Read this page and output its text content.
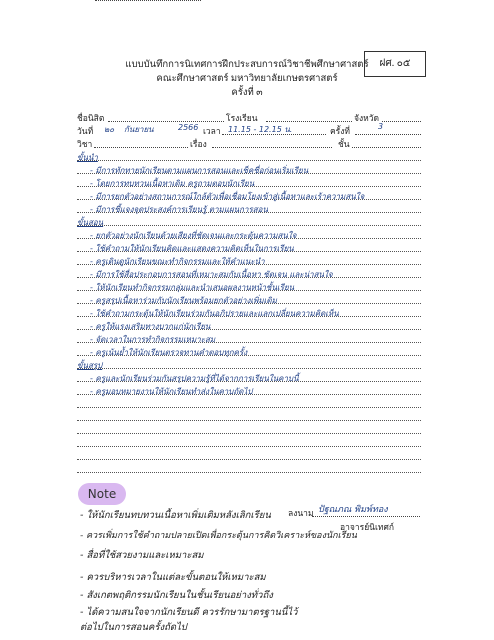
ฝศ. ๐๕
แบบบันทึกการนิเทศการฝึกประสบการณ์วิชาชีพศึกษาศาสตร์
คณะศึกษาศาสตร์ มหาวิทยาลัยเกษตรศาสตร์
ครั้งที่ ๓
ชื่อนิสิต	โรงเรียน	จังหวัด
วันที่ ๒๐ กันยายน	2566 เวลา 11.15 - 12.15 น.	ครั้งที่	3
วิชา	เรื่อง	ชั้น
ขั้นนำ
- มีการทักทายนักเรียนตามแผนการสอนและเช็คชื่อก่อนเริ่มเรียน
- โดยการทบทวนเนื้อหาเดิม ครูถามตอบนักเรียน
- มีการยกตัวอย่างสถานการณ์ใกล้ตัวเพื่อเชื่อมโยงเข้าสู่เนื้อหาและเร้าความสนใจ
- มีการชี้แจงจุดประสงค์การเรียนรู้ ตามแผนการสอน
ขั้นสอน
- ยกตัวอย่างนักเรียนด้วยเสียงที่ชัดเจนและกระตุ้นความสนใจ
- ใช้คำถามให้นักเรียนคิดและแสดงความคิดเห็นในการเรียน
- ครูเดินดูนักเรียนขณะทำกิจกรรมและให้คำแนะนำ
- มีการใช้สื่อประกอบการสอนที่เหมาะสมกับเนื้อหา ชัดเจน และน่าสนใจ
- ให้นักเรียนทำกิจกรรมกลุ่มและนำเสนอผลงานหน้าชั้นเรียน
- ครูสรุปเนื้อหาร่วมกับนักเรียนพร้อมยกตัวอย่างเพิ่มเติม
- ใช้คำถามกระตุ้นให้นักเรียนร่วมกันอภิปรายและแลกเปลี่ยนความคิดเห็น
- ครูให้แรงเสริมทางบวกแก่นักเรียน
- จัดเวลาในการทำกิจกรรมเหมาะสม
- ครูเน้นย้ำให้นักเรียนตรวจทานคำตอบทุกครั้ง
ขั้นสรุป
- ครูและนักเรียนร่วมกันสรุปความรู้ที่ได้จากการเรียนในคาบนี้
- ครูมอบหมายงานให้นักเรียนทำส่งในคาบถัดไป
ลงนาม ปัฐณภณ พิมพ์ทอง
อาจารย์นิเทศก์
Note
- ให้นักเรียนทบทวนเนื้อหาเพิ่มเติมหลังเลิกเรียน
- ควรเพิ่มการใช้คำถามปลายเปิดเพื่อกระตุ้นการคิดวิเคราะห์ของนักเรียน
- สื่อที่ใช้สวยงามและเหมาะสม
- ควรบริหารเวลาในแต่ละขั้นตอนให้เหมาะสม
- สังเกตพฤติกรรมนักเรียนในชั้นเรียนอย่างทั่วถึง
- ได้ความสนใจจากนักเรียนดี ควรรักษามาตรฐานนี้ไว้
ต่อไปในการสอนครั้งถัดไป
